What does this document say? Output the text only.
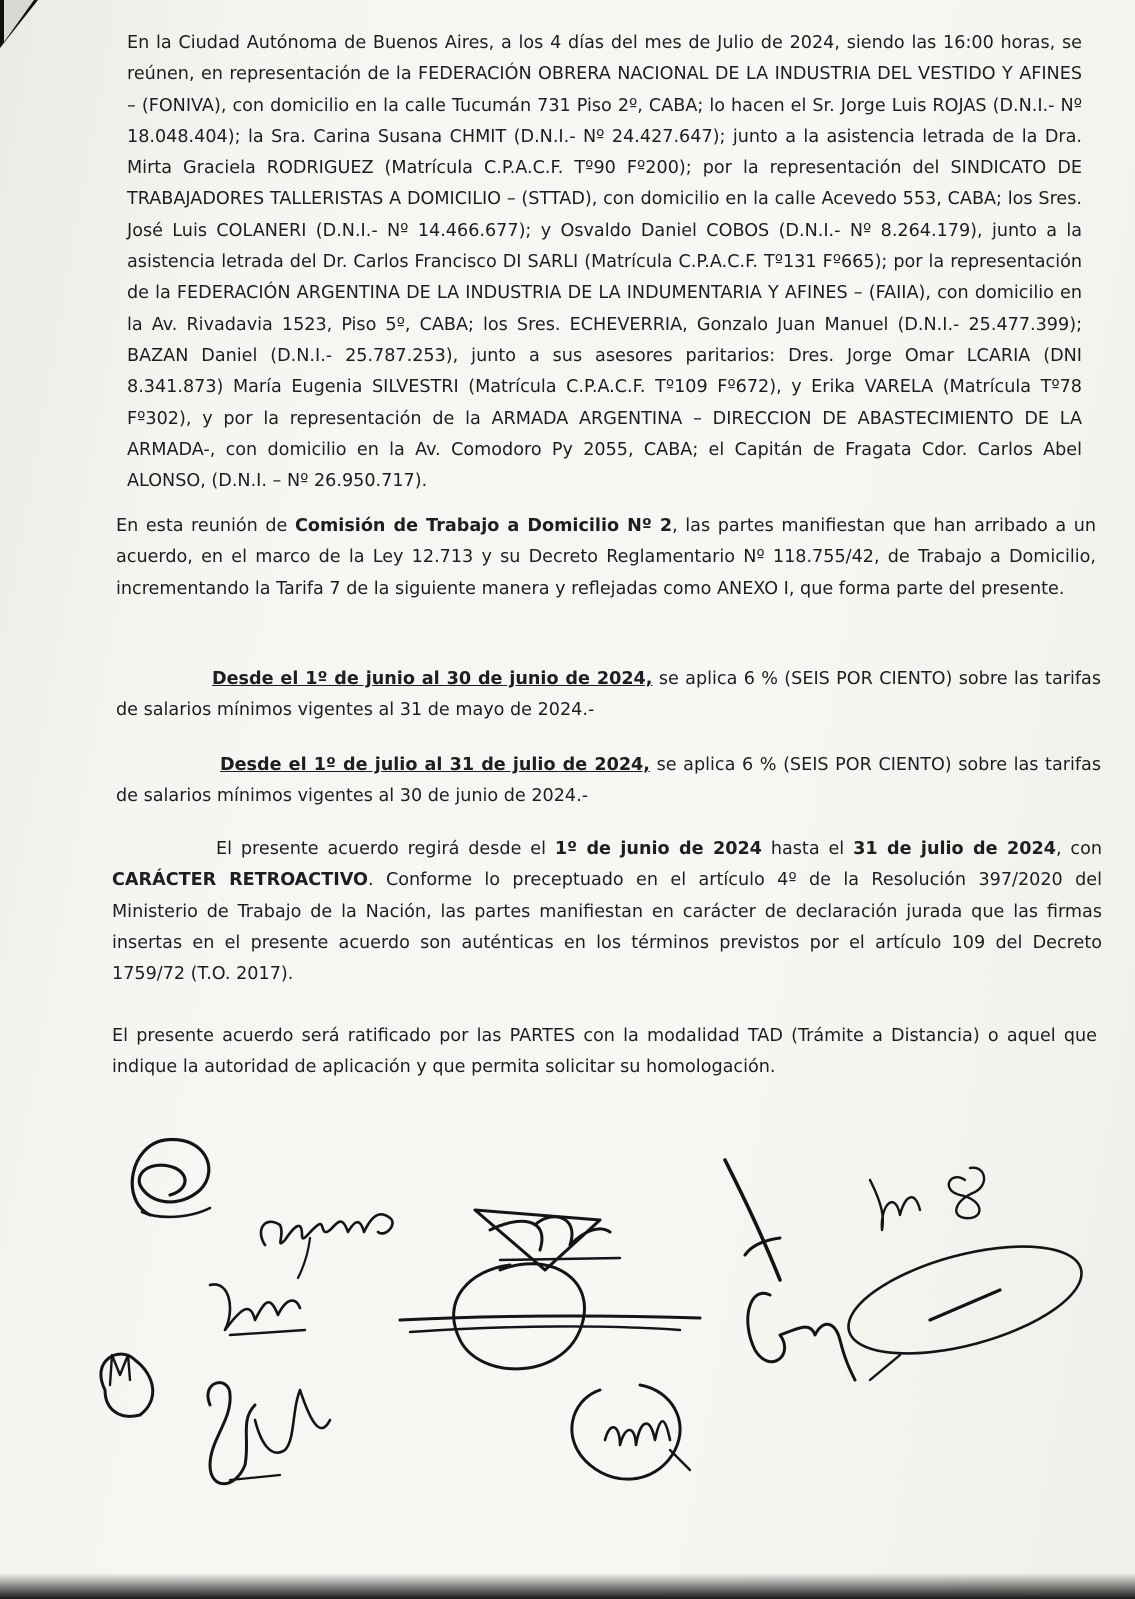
En la Ciudad Autónoma de Buenos Aires, a los 4 días del mes de Julio de 2024, siendo las 16:00 horas, se reúnen, en representación de la FEDERACIÓN OBRERA NACIONAL DE LA INDUSTRIA DEL VESTIDO Y AFINES – (FONIVA), con domicilio en la calle Tucumán 731 Piso 2º, CABA; lo hacen el Sr. Jorge Luis ROJAS (D.N.I.- Nº 18.048.404); la Sra. Carina Susana CHMIT (D.N.I.- Nº 24.427.647); junto a la asistencia letrada de la Dra. Mirta Graciela RODRIGUEZ (Matrícula C.P.A.C.F. Tº90 Fº200); por la representación del SINDICATO DE TRABAJADORES TALLERISTAS A DOMICILIO – (STTAD), con domicilio en la calle Acevedo 553, CABA; los Sres. José Luis COLANERI (D.N.I.- Nº 14.466.677); y Osvaldo Daniel COBOS (D.N.I.- Nº 8.264.179), junto a la asistencia letrada del Dr. Carlos Francisco DI SARLI (Matrícula C.P.A.C.F. Tº131 Fº665); por la representación de la FEDERACIÓN ARGENTINA DE LA INDUSTRIA DE LA INDUMENTARIA Y AFINES – (FAIIA), con domicilio en la Av. Rivadavia 1523, Piso 5º, CABA; los Sres. ECHEVERRIA, Gonzalo Juan Manuel (D.N.I.- 25.477.399); BAZAN Daniel (D.N.I.- 25.787.253), junto a sus asesores paritarios: Dres. Jorge Omar LCARIA (DNI 8.341.873) María Eugenia SILVESTRI (Matrícula C.P.A.C.F. Tº109 Fº672), y Erika VARELA (Matrícula Tº78 Fº302), y por la representación de la ARMADA ARGENTINA – DIRECCION DE ABASTECIMIENTO DE LA ARMADA-, con domicilio en la Av. Comodoro Py 2055, CABA; el Capitán de Fragata Cdor. Carlos Abel ALONSO, (D.N.I. – Nº 26.950.717).
En esta reunión de Comisión de Trabajo a Domicilio Nº 2, las partes manifiestan que han arribado a un acuerdo, en el marco de la Ley 12.713 y su Decreto Reglamentario Nº 118.755/42, de Trabajo a Domicilio, incrementando la Tarifa 7 de la siguiente manera y reflejadas como ANEXO I, que forma parte del presente.
Desde el 1º de junio al 30 de junio de 2024, se aplica 6 % (SEIS POR CIENTO) sobre las tarifas de salarios mínimos vigentes al 31 de mayo de 2024.-
Desde el 1º de julio al 31 de julio de 2024, se aplica 6 % (SEIS POR CIENTO) sobre las tarifas de salarios mínimos vigentes al 30 de junio de 2024.-
El presente acuerdo regirá desde el 1º de junio de 2024 hasta el 31 de julio de 2024, con CARÁCTER RETROACTIVO. Conforme lo preceptuado en el artículo 4º de la Resolución 397/2020 del Ministerio de Trabajo de la Nación, las partes manifiestan en carácter de declaración jurada que las firmas insertas en el presente acuerdo son auténticas en los términos previstos por el artículo 109 del Decreto 1759/72 (T.O. 2017).
El presente acuerdo será ratificado por las PARTES con la modalidad TAD (Trámite a Distancia) o aquel que indique la autoridad de aplicación y que permita solicitar su homologación.
